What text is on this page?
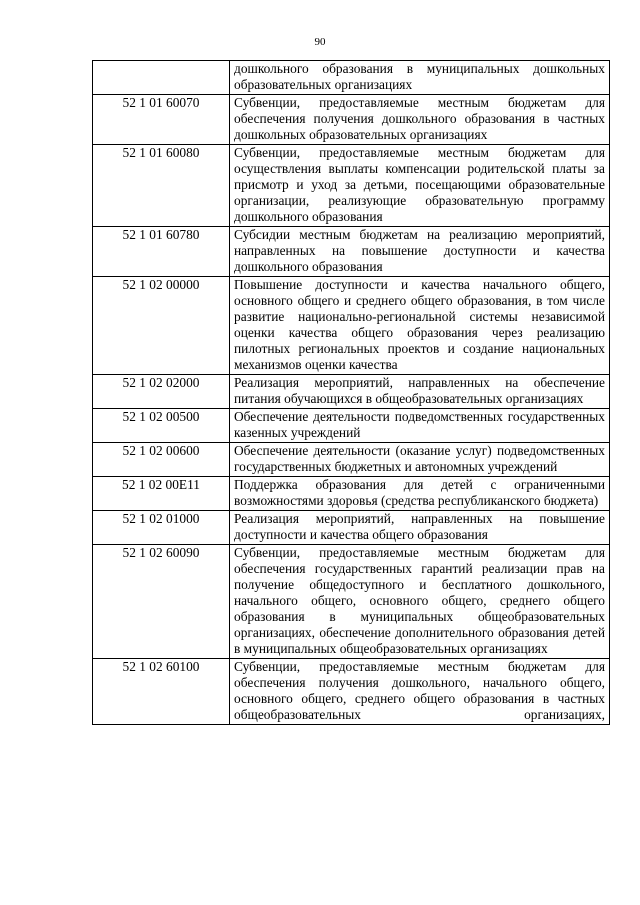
90
	дошкольного образования в муниципальных дошкольных образовательных организациях
52 1 01 60070	Субвенции, предоставляемые местным бюджетам для обеспечения получения дошкольного образования в частных дошкольных образовательных организациях
52 1 01 60080	Субвенции, предоставляемые местным бюджетам для осуществления выплаты компенсации родительской платы за присмотр и уход за детьми, посещающими образовательные организации, реализующие образовательную программу дошкольного образования
52 1 01 60780	Субсидии местным бюджетам на реализацию мероприятий, направленных на повышение доступности и качества дошкольного образования
52 1 02 00000	Повышение доступности и качества начального общего, основного общего и среднего общего образования, в том числе развитие национально-региональной системы независимой оценки качества общего образования через реализацию пилотных региональных проектов и создание национальных механизмов оценки качества
52 1 02 02000	Реализация мероприятий, направленных на обеспечение питания обучающихся в общеобразовательных организациях
52 1 02 00500	Обеспечение деятельности подведомственных государственных казенных учреждений
52 1 02 00600	Обеспечение деятельности (оказание услуг) подведомственных государственных бюджетных и автономных учреждений
52 1 02 00Е11	Поддержка образования для детей с ограниченными возможностями здоровья (средства республиканского бюджета)
52 1 02 01000	Реализация мероприятий, направленных на повышение доступности и качества общего образования
52 1 02 60090	Субвенции, предоставляемые местным бюджетам для обеспечения государственных гарантий реализации прав на получение общедоступного и бесплатного дошкольного, начального общего, основного общего, среднего общего образования в муниципальных общеобразовательных организациях, обеспечение дополнительного образования детей в муниципальных общеобразовательных организациях
52 1 02 60100	Субвенции, предоставляемые местным бюджетам для обеспечения получения дошкольного, начального общего, основного общего, среднего общего образования в частных общеобразовательных организациях,
